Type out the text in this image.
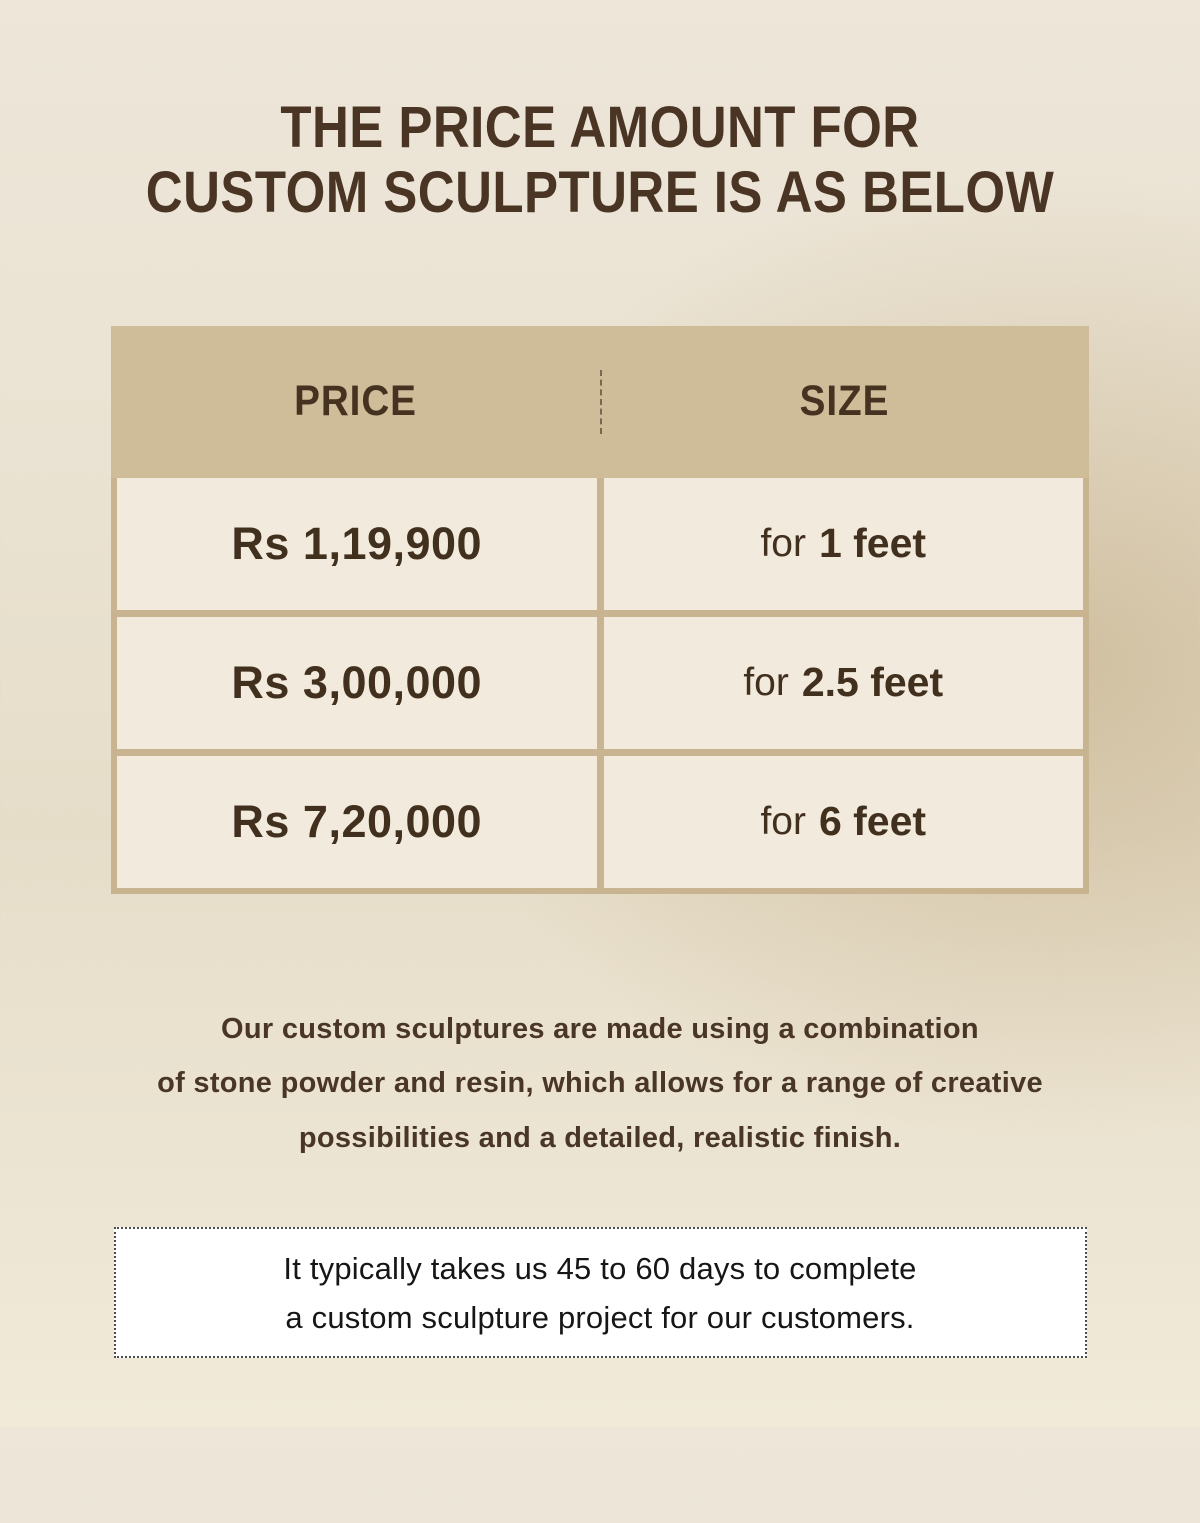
THE PRICE AMOUNT FOR
CUSTOM SCULPTURE IS AS BELOW
PRICE	SIZE
Rs 1,19,900	for 1 feet
Rs 3,00,000	for 2.5 feet
Rs 7,20,000	for 6 feet
Our custom sculptures are made using a combination
of stone powder and resin, which allows for a range of creative
possibilities and a detailed, realistic finish.
It typically takes us 45 to 60 days to complete
a custom sculpture project for our customers.
